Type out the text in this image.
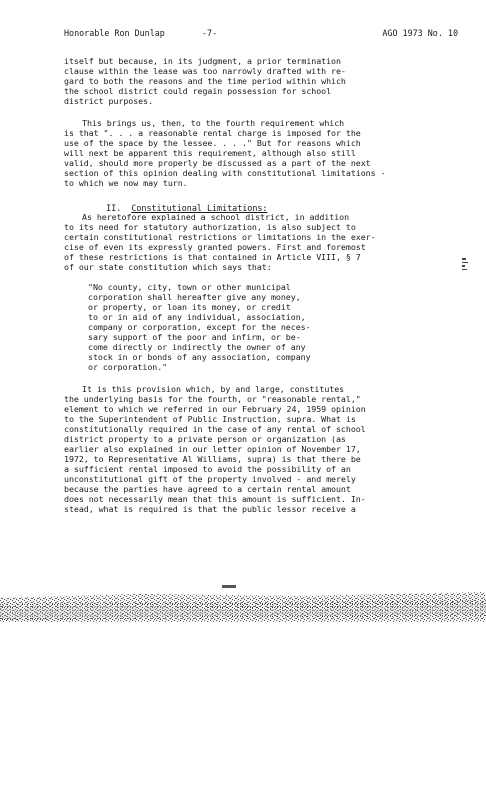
Honorable Ron Dunlap	-7-	AGO 1973 No. 10
itself but because, in its judgment, a prior termination
clause within the lease was too narrowly drafted with re-
gard to both the reasons and the time period within which
the school district could regain possession for school
district purposes.
This brings us, then, to the fourth requirement which
is that ". . . a reasonable rental charge is imposed for the
use of the space by the lessee. . . ." But for reasons which
will next be apparent this requirement, although also still
valid, should more properly be discussed as a part of the next
section of this opinion dealing with constitutional limitations -
to which we now may turn.

II. Constitutional Limitations:

As heretofore explained a school district, in addition
to its need for statutory authorization, is also subject to
certain constitutional restrictions or limitations in the exer-
cise of even its expressly granted powers. First and foremost
of these restrictions is that contained in Article VIII, § 7
of our state constitution which says that:
"No county, city, town or other municipal
corporation shall hereafter give any money,
or property, or loan its money, or credit
to or in aid of any individual, association,
company or corporation, except for the neces-
sary support of the poor and infirm, or be-
come directly or indirectly the owner of any
stock in or bonds of any association, company
or corporation."
It is this provision which, by and large, constitutes
the underlying basis for the fourth, or "reasonable rental,"
element to which we referred in our February 24, 1959 opinion
to the Superintendent of Public Instruction, supra. What is
constitutionally required in the case of any rental of school
district property to a private person or organization (as
earlier also explained in our letter opinion of November 17,
1972, to Representative Al Williams, supra) is that there be
a sufficient rental imposed to avoid the possibility of an
unconstitutional gift of the property involved - and merely
because the parties have agreed to a certain rental amount
does not necessarily mean that this amount is sufficient. In-
stead, what is required is that the public lessor receive a
